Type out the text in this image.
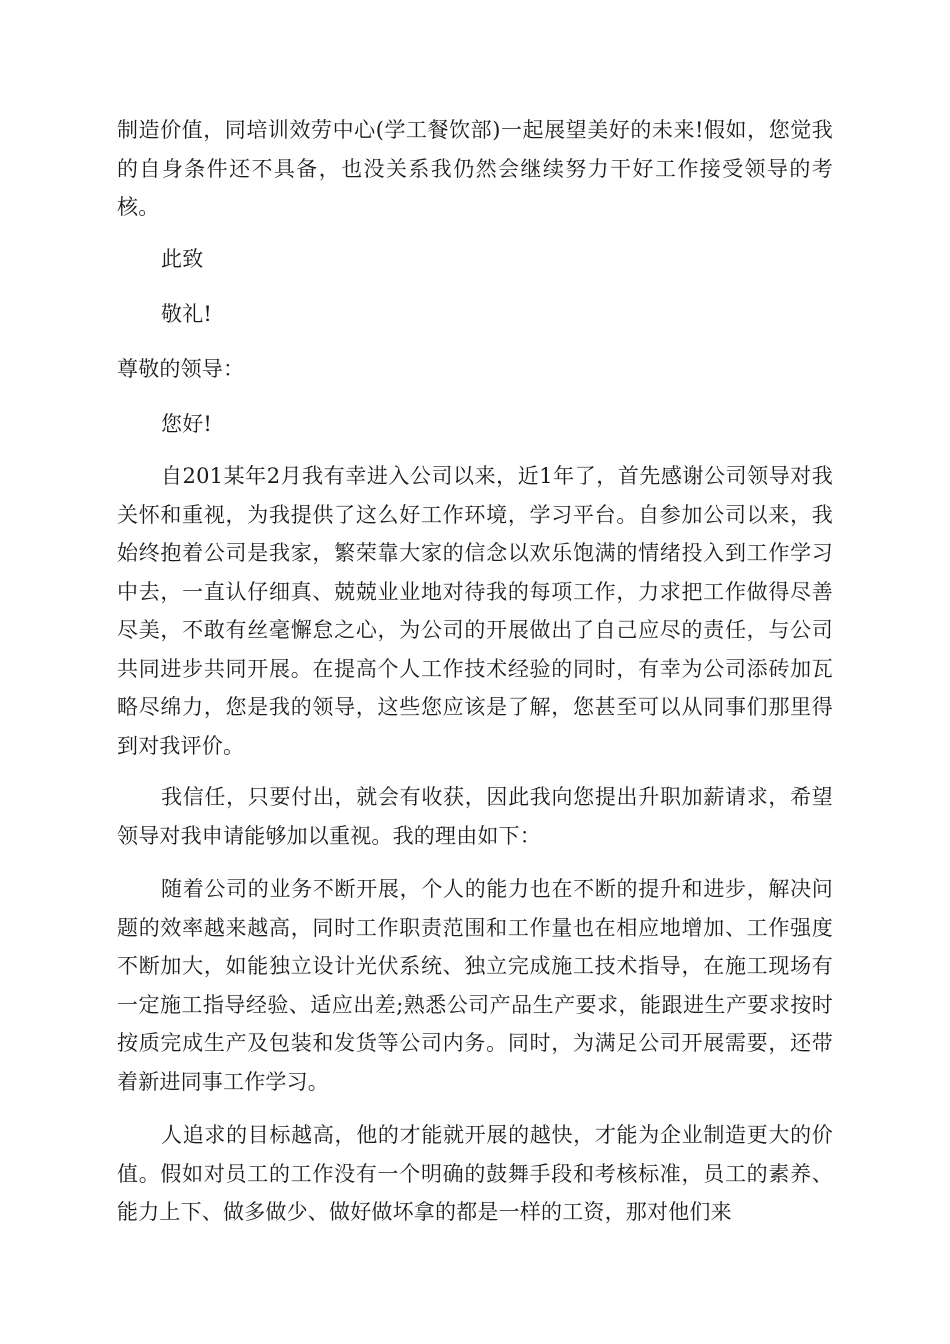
制造价值，同培训效劳中心(学工餐饮部)一起展望美好的未来!假如，您觉我的自身条件还不具备，也没关系我仍然会继续努力干好工作接受领导的考核。
此致
敬礼!
尊敬的领导：
您好!
自201某年2月我有幸进入公司以来，近1年了，首先感谢公司领导对我关怀和重视，为我提供了这么好工作环境，学习平台。自参加公司以来，我始终抱着公司是我家，繁荣靠大家的信念以欢乐饱满的情绪投入到工作学习中去，一直认仔细真、兢兢业业地对待我的每项工作，力求把工作做得尽善尽美，不敢有丝毫懈怠之心，为公司的开展做出了自己应尽的责任，与公司共同进步共同开展。在提高个人工作技术经验的同时，有幸为公司添砖加瓦略尽绵力，您是我的领导，这些您应该是了解，您甚至可以从同事们那里得到对我评价。
我信任，只要付出，就会有收获，因此我向您提出升职加薪请求，希望领导对我申请能够加以重视。我的理由如下：
随着公司的业务不断开展，个人的能力也在不断的提升和进步，解决问题的效率越来越高，同时工作职责范围和工作量也在相应地增加、工作强度不断加大，如能独立设计光伏系统、独立完成施工技术指导，在施工现场有一定施工指导经验、适应出差;熟悉公司产品生产要求，能跟进生产要求按时按质完成生产及包装和发货等公司内务。同时，为满足公司开展需要，还带着新进同事工作学习。
人追求的目标越高，他的才能就开展的越快，才能为企业制造更大的价值。假如对员工的工作没有一个明确的鼓舞手段和考核标准，员工的素养、能力上下、做多做少、做好做坏拿的都是一样的工资，那对他们来
